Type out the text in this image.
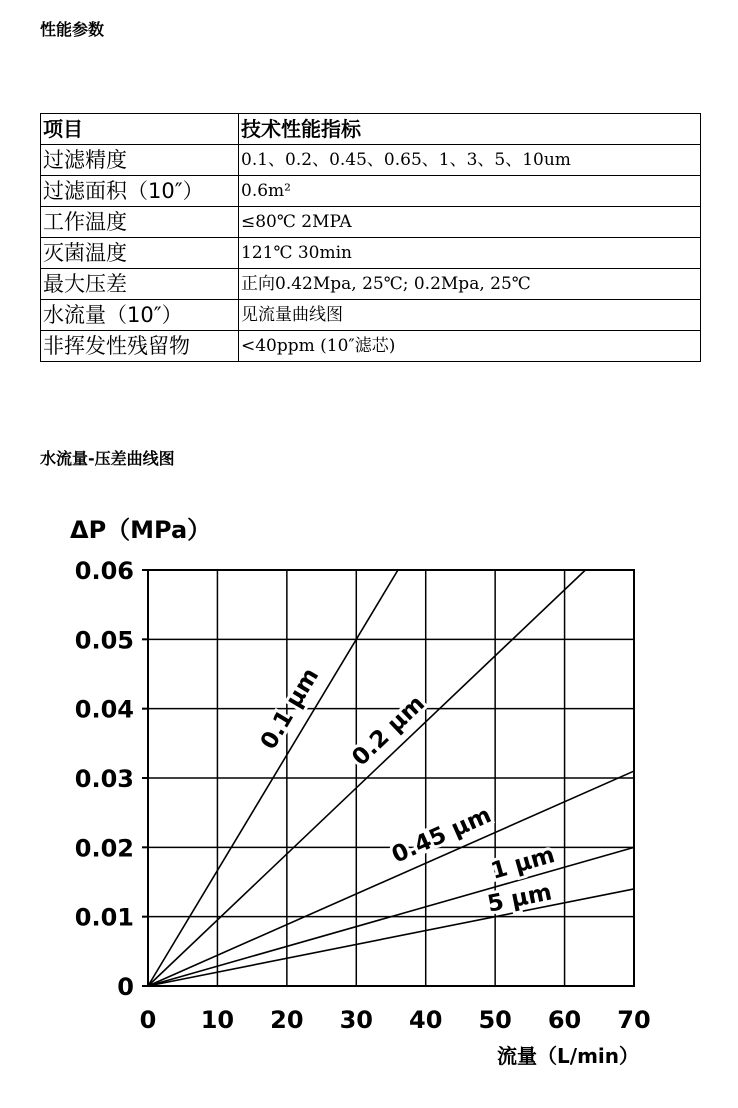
性能参数
项目	技术性能指标
过滤精度	0.1、0.2、0.45、0.65、1、3、5、10um
过滤面积（10″）	0.6m²
工作温度	≤80℃ 2MPA
灭菌温度	121℃ 30min
最大压差	正向0.42Mpa, 25℃; 0.2Mpa, 25℃
水流量（10″）	见流量曲线图
非挥发性残留物	<40ppm (10″滤芯)
水流量-压差曲线图
0 10 20 30 40 50 60 70
0
0.01
0.02
0.03
0.04
0.05
0.06
0.1 μm 0.2 μm
0.45 μm
1 μm
5 μm
ΔP（MPa）
流量（L/min）
